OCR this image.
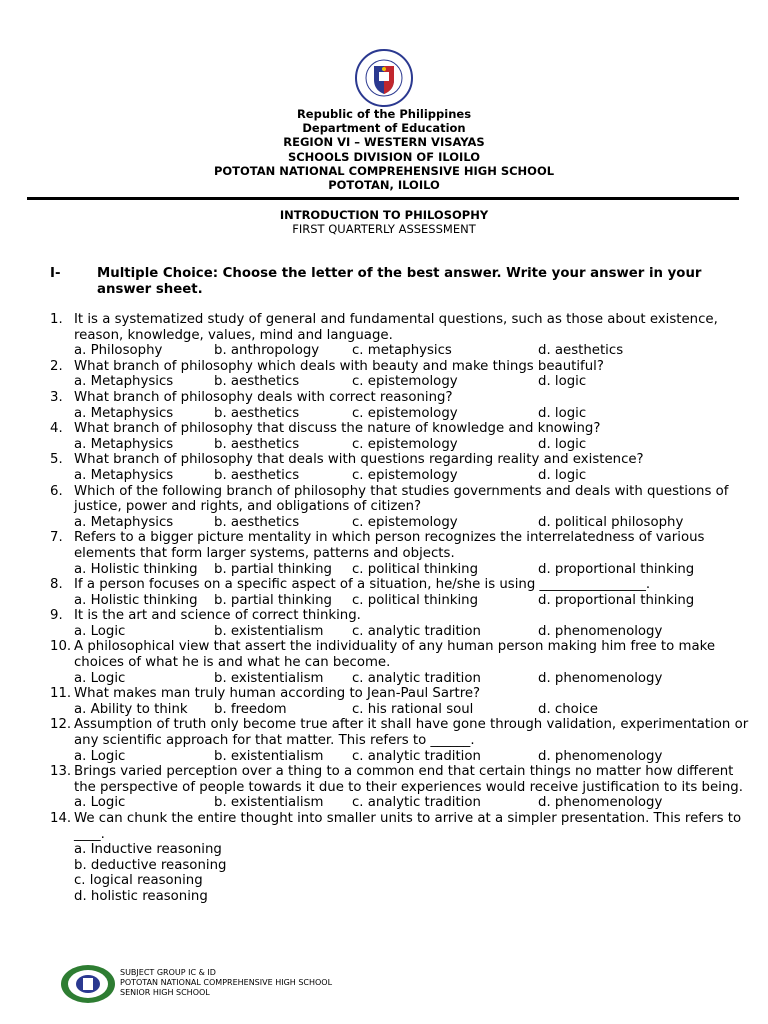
Republic of the Philippines
Department of Education
REGION VI – WESTERN VISAYAS
SCHOOLS DIVISION OF ILOILO
POTOTAN NATIONAL COMPREHENSIVE HIGH SCHOOL
POTOTAN, ILOILO
INTRODUCTION TO PHILOSOPHY
FIRST QUARTERLY ASSESSMENT
I-	Multiple Choice: Choose the letter of the best answer. Write your answer in your answer sheet.
1. It is a systematized study of general and fundamental questions, such as those about existence, reason, knowledge, values, mind and language.
a. Philosophy	b. anthropology c. metaphysics	d. aesthetics
2. What branch of philosophy which deals with beauty and make things beautiful?
a. Metaphysics	b. aesthetics	c. epistemology	d. logic
3. What branch of philosophy deals with correct reasoning?
a. Metaphysics	b. aesthetics	c. epistemology	d. logic
4. What branch of philosophy that discuss the nature of knowledge and knowing?
a. Metaphysics	b. aesthetics	c. epistemology	d. logic
5. What branch of philosophy that deals with questions regarding reality and existence?
a. Metaphysics	b. aesthetics	c. epistemology	d. logic
6. Which of the following branch of philosophy that studies governments and deals with questions of justice, power and rights, and obligations of citizen?
a. Metaphysics	b. aesthetics	c. epistemology	d. political philosophy
7. Refers to a bigger picture mentality in which person recognizes the interrelatedness of various elements that form larger systems, patterns and objects.
a. Holistic thinking b. partial thinking c. political thinking	d. proportional thinking
8. If a person focuses on a specific aspect of a situation, he/she is using ________________.
a. Holistic thinking b. partial thinking c. political thinking	d. proportional thinking
9. It is the art and science of correct thinking.
a. Logic	b. existentialism c. analytic tradition	d. phenomenology
10. A philosophical view that assert the individuality of any human person making him free to make choices of what he is and what he can become.
a. Logic	b. existentialism c. analytic tradition	d. phenomenology
11. What makes man truly human according to Jean-Paul Sartre?
a. Ability to think b. freedom	c. his rational soul	d. choice
12. Assumption of truth only become true after it shall have gone through validation, experimentation or any scientific approach for that matter. This refers to ______.
a. Logic	b. existentialism c. analytic tradition	d. phenomenology
13. Brings varied perception over a thing to a common end that certain things no matter how different the perspective of people towards it due to their experiences would receive justification to its being.
a. Logic	b. existentialism c. analytic tradition	d. phenomenology
14. We can chunk the entire thought into smaller units to arrive at a simpler presentation. This refers to ____.
a. Inductive reasoning
b. deductive reasoning
c. logical reasoning
d. holistic reasoning
SUBJECT GROUP IC & ID
POTOTAN NATIONAL COMPREHENSIVE HIGH SCHOOL
SENIOR HIGH SCHOOL
